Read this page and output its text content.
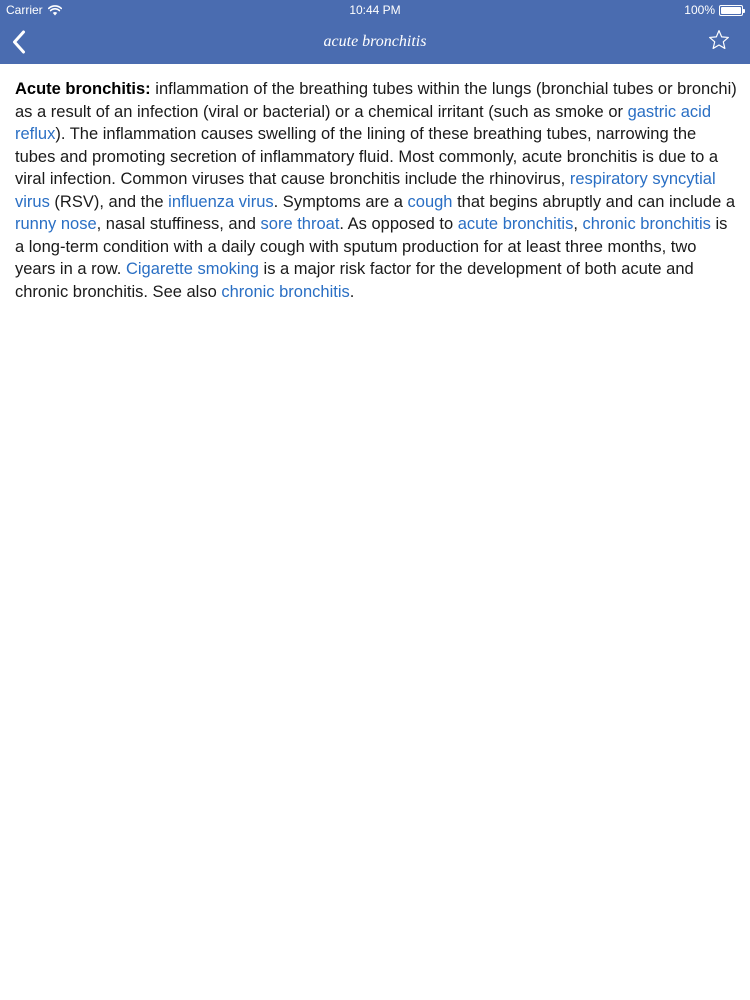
Carrier	10:44 PM	100%
acute bronchitis
Acute bronchitis: inflammation of the breathing tubes within the lungs (bronchial tubes or bronchi) as a result of an infection (viral or bacterial) or a chemical irritant (such as smoke or gastric acid reflux). The inflammation causes swelling of the lining of these breathing tubes, narrowing the tubes and promoting secretion of inflammatory fluid. Most commonly, acute bronchitis is due to a viral infection. Common viruses that cause bronchitis include the rhinovirus, respiratory syncytial virus (RSV), and the influenza virus. Symptoms are a cough that begins abruptly and can include a runny nose, nasal stuffiness, and sore throat. As opposed to acute bronchitis, chronic bronchitis is a long-term condition with a daily cough with sputum production for at least three months, two years in a row. Cigarette smoking is a major risk factor for the development of both acute and chronic bronchitis. See also chronic bronchitis.
